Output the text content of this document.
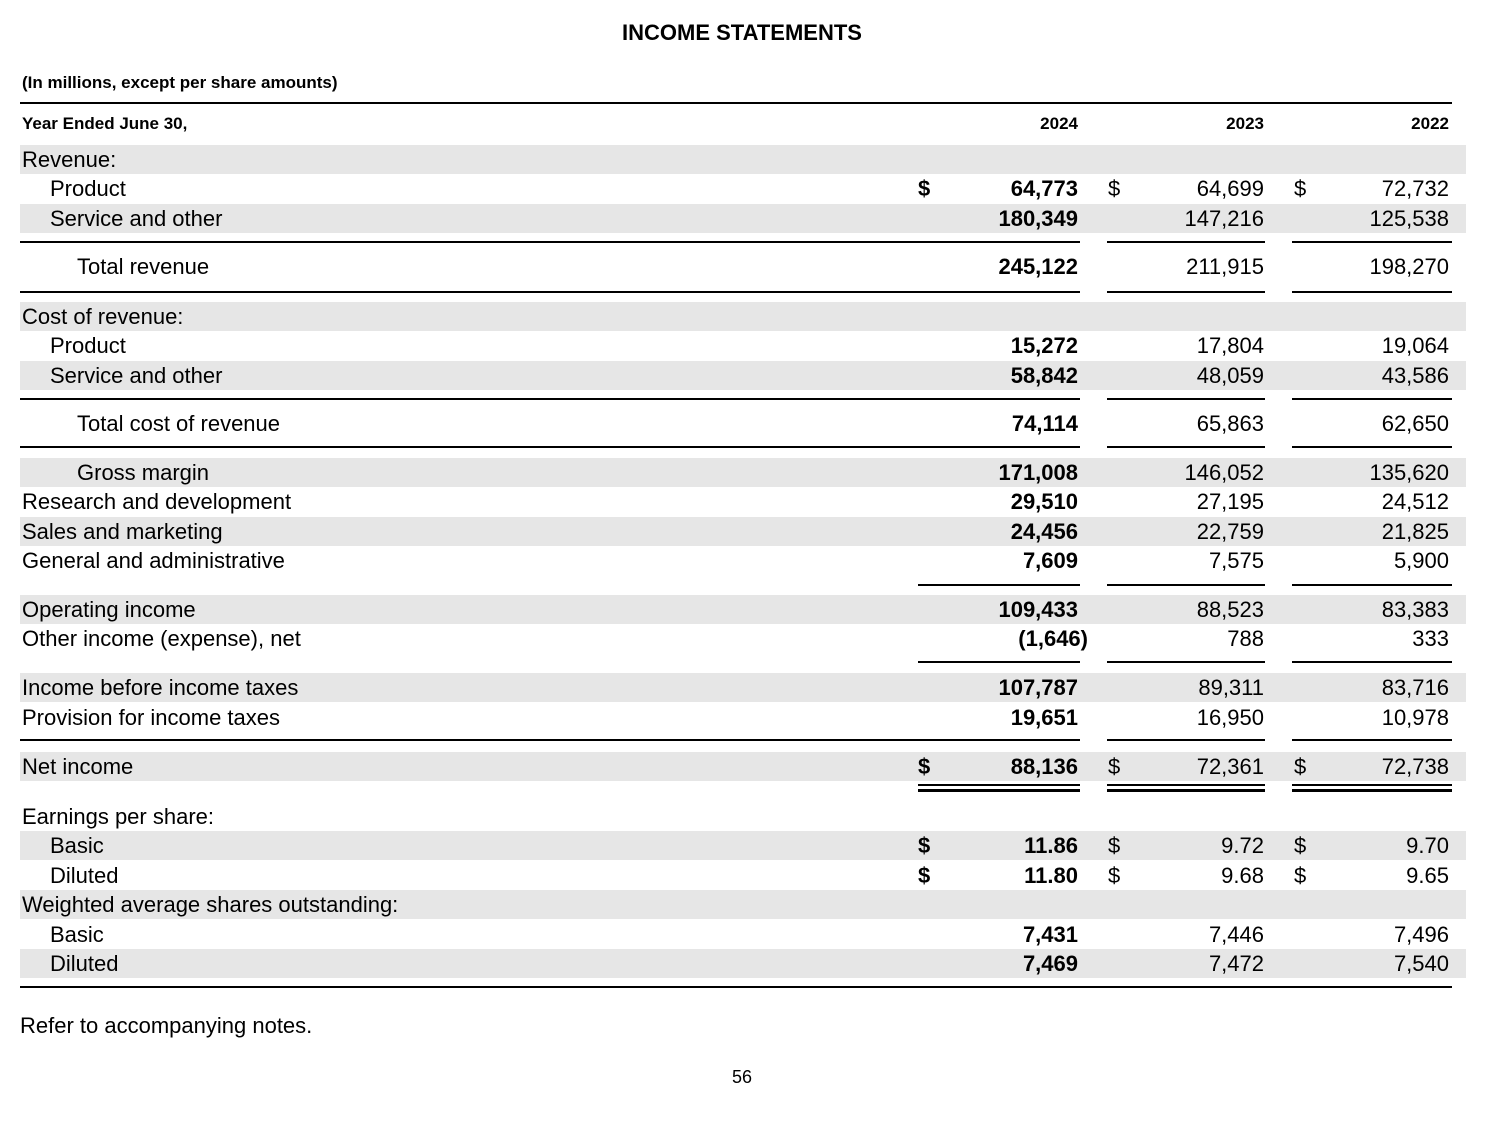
INCOME STATEMENTS
(In millions, except per share amounts)
Year Ended June 30,	2024	2023	2022
Revenue:
Product	$	64,773 $	64,699 $	72,732
Service and other	180,349	147,216	125,538
Total revenue	245,122	211,915	198,270
Cost of revenue:
Product	15,272	17,804	19,064
Service and other	58,842	48,059	43,586
Total cost of revenue	74,114	65,863	62,650
Gross margin	171,008	146,052	135,620
Research and development	29,510	27,195	24,512
Sales and marketing	24,456	22,759	21,825
General and administrative	7,609	7,575	5,900
Operating income	109,433	88,523	83,383
Other income (expense), net	(1,646)	788	333
Income before income taxes	107,787	89,311	83,716
Provision for income taxes	19,651	16,950	10,978
Net income	$	88,136 $	72,361 $	72,738
Earnings per share:
Basic	$	11.86 $	9.72 $	9.70
Diluted	$	11.80 $	9.68 $	9.65
Weighted average shares outstanding:
Basic	7,431	7,446	7,496
Diluted	7,469	7,472	7,540
Refer to accompanying notes.
56
